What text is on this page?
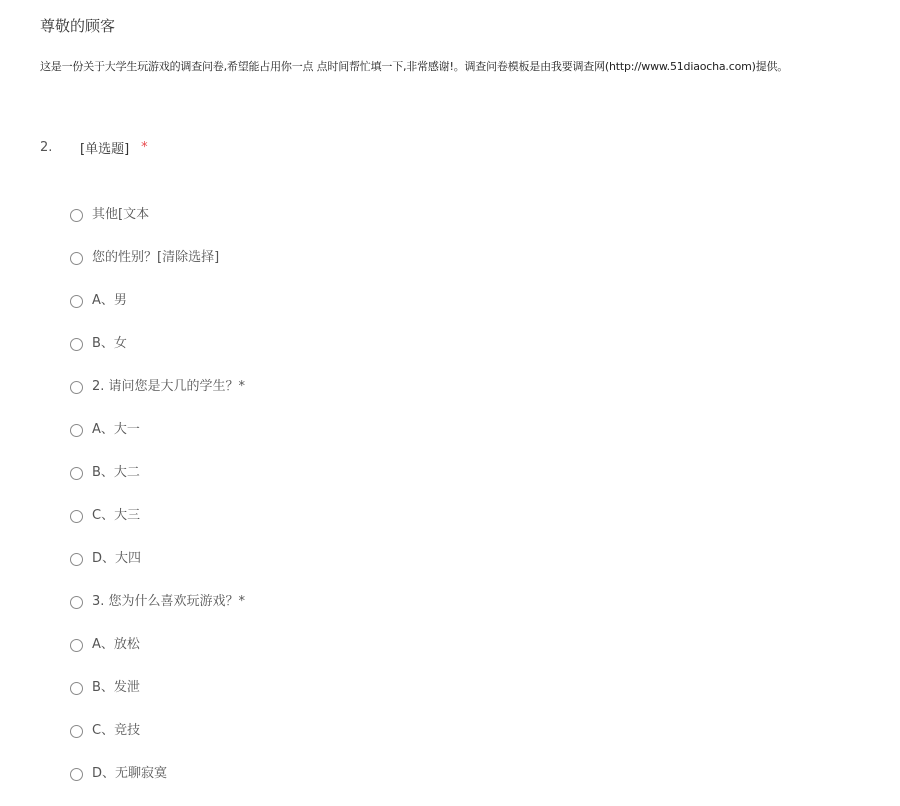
尊敬的顾客
这是一份关于大学生玩游戏的调查问卷,希望能占用你一点 点时间帮忙填一下,非常感谢!。调查问卷模板是由我要调查网(http://www.51diaocha.com)提供。
2.	[单选题] *
其他[文本
您的性别？[清除选择]
A、男
B、女
2. 请问您是大几的学生？*
A、大一
B、大二
C、大三
D、大四
3. 您为什么喜欢玩游戏？*
A、放松
B、发泄
C、竞技
D、无聊寂寞
